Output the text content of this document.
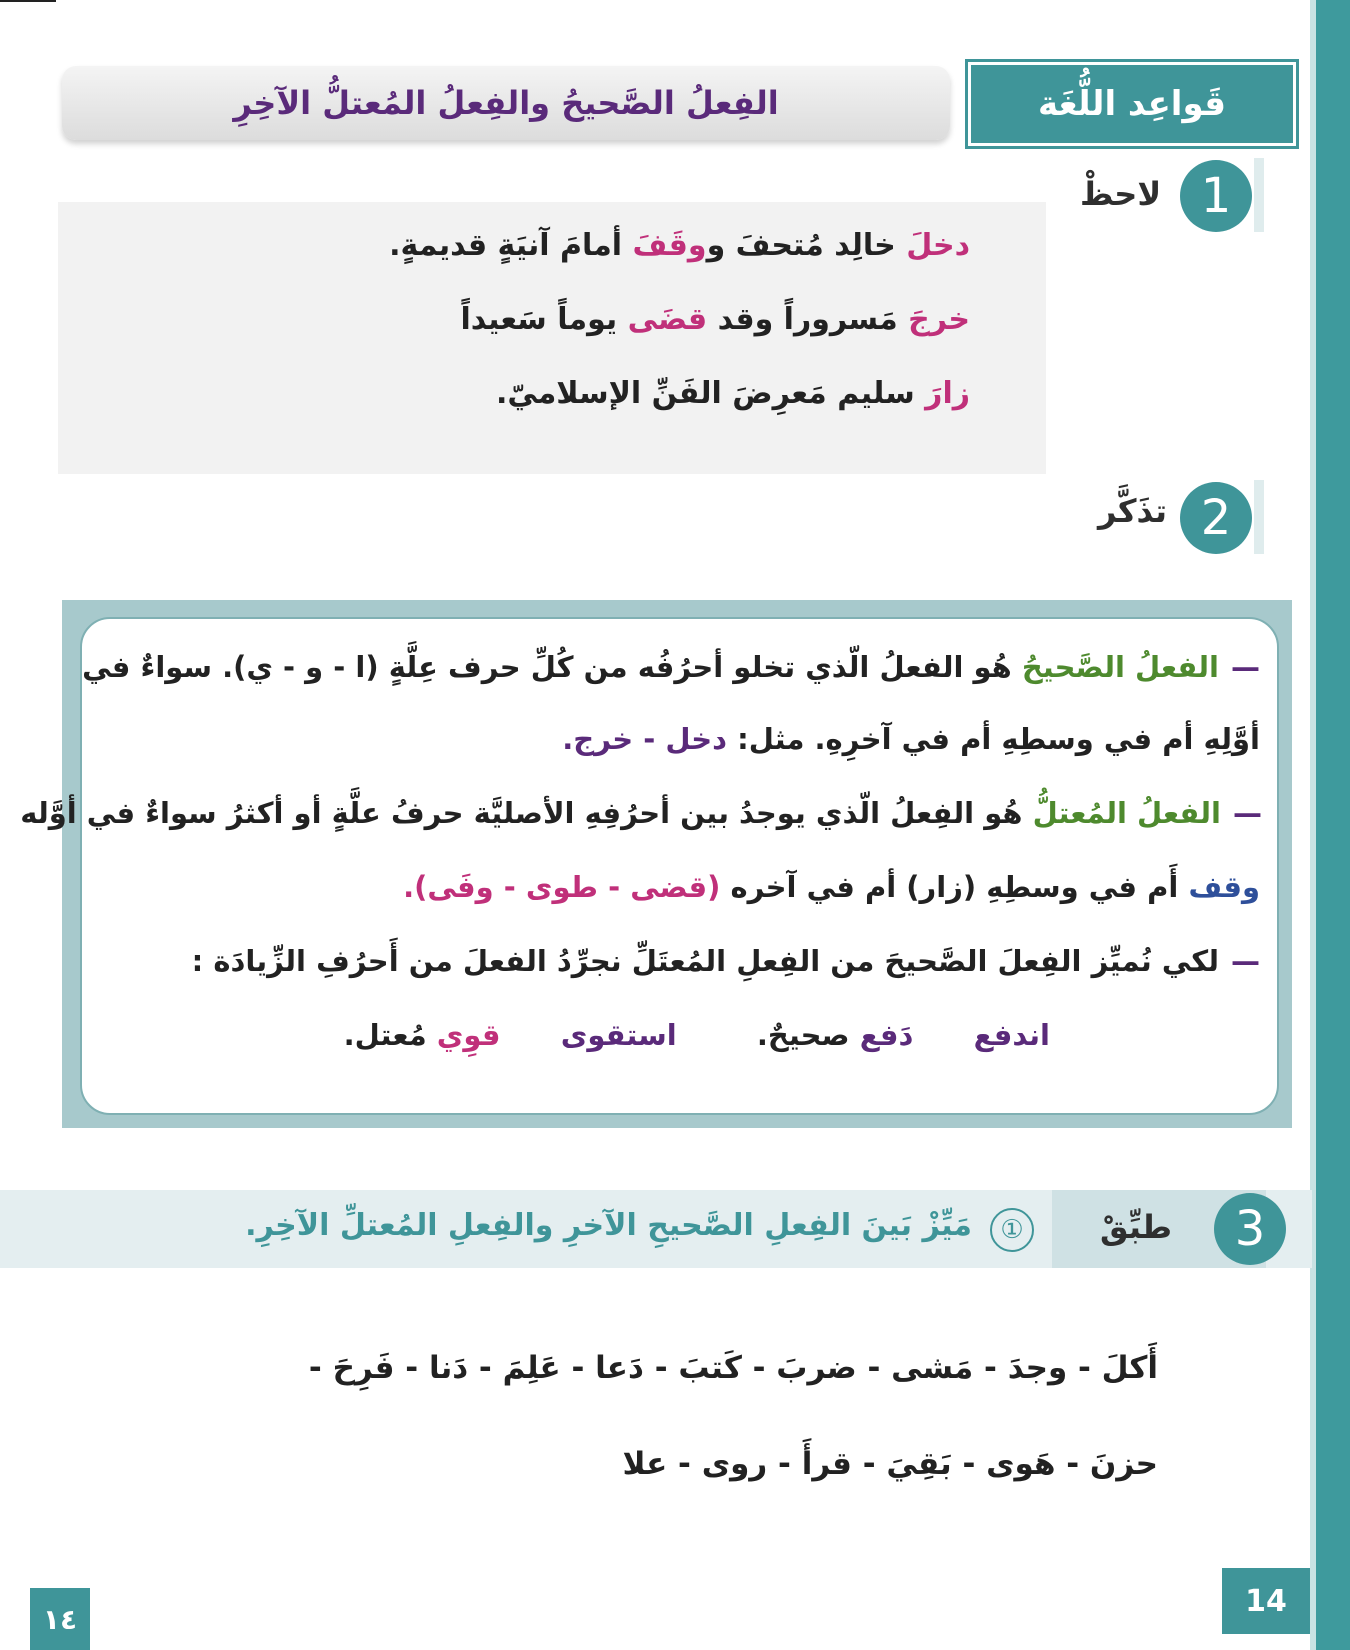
قَواعِد اللُّغَة
الفِعلُ الصَّحيحُ والفِعلُ المُعتلُّ الآخِرِ
1
لاحظْ
دخلَ خالِد مُتحفَ ووقَفَ أمامَ آنيَةٍ قديمةٍ.
خرجَ مَسروراً وقد قضَى يوماً سَعيداً
زارَ سليم مَعرِضَ الفَنِّ الإسلاميّ.
2
تذَكَّر
—الفعلُ الصَّحيحُ هُو الفعلُ الّذي تخلو أحرُفُه من كُلِّ حرف عِلَّةٍ (ا - و - ي). سواءٌ في
أوَّلِهِ أم في وسطِهِ أم في آخرِهِ. مثل: دخل - خرج.
—الفعلُ المُعتلُّ هُو الفِعلُ الّذي يوجدُ بين أحرُفِهِ الأصليَّة حرفُ علَّةٍ أو أكثرُ سواءٌ في أوَّله
وقف أَم في وسطِهِ (زار) أم في آخره (قضى - طوى - وفَى).
—لكي نُميِّز الفِعلَ الصَّحيحَ من الفِعلِ المُعتَلِّ نجرِّدُ الفعلَ من أَحرُفِ الزِّيادَة :
اندفع  دَفع صحيحٌ.  استقوى  قوِي مُعتل.
3
طبِّقْ
①
مَيِّزْ بَينَ الفِعلِ الصَّحيحِ الآخرِ والفِعلِ المُعتلِّ الآخِرِ.
أَكلَ - وجدَ - مَشى - ضربَ - كَتبَ - دَعا - عَلِمَ - دَنا - فَرِحَ -
حزنَ - هَوى - بَقِيَ - قرأَ - روى - علا
14
١٤
